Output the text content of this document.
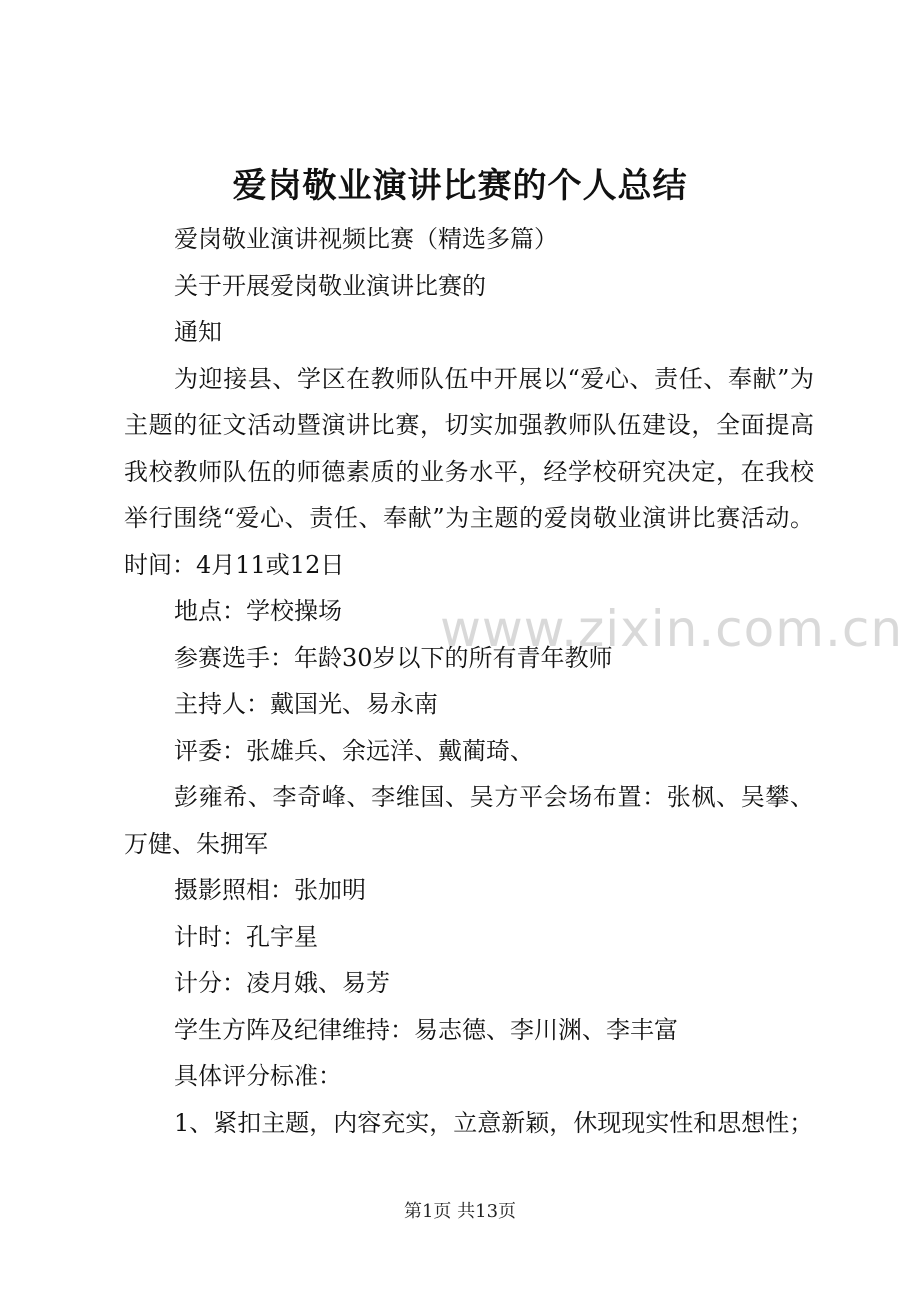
爱岗敬业演讲比赛的个人总结

爱岗敬业演讲视频比赛（精选多篇）

关于开展爱岗敬业演讲比赛的

通知

为迎接县、学区在教师队伍中开展以“爱心、责任、奉献”为主题的征文活动暨演讲比赛，切实加强教师队伍建设，全面提高我校教师队伍的师德素质的业务水平，经学校研究决定，在我校举行围绕“爱心、责任、奉献”为主题的爱岗敬业演讲比赛活动。时间：4月11或12日

地点：学校操场

参赛选手：年龄30岁以下的所有青年教师

主持人：戴国光、易永南

评委：张雄兵、余远洋、戴蔺琦、

彭雍希、李奇峰、李维国、吴方平会场布置：张枫、吴攀、万健、朱拥军

摄影照相：张加明

计时：孔宇星

计分：凌月娥、易芳

学生方阵及纪律维持：易志德、李川渊、李丰富

具体评分标准：

1、紧扣主题，内容充实，立意新颖，休现现实性和思想性；

www.zixin.com.cn
第1页 共13页
